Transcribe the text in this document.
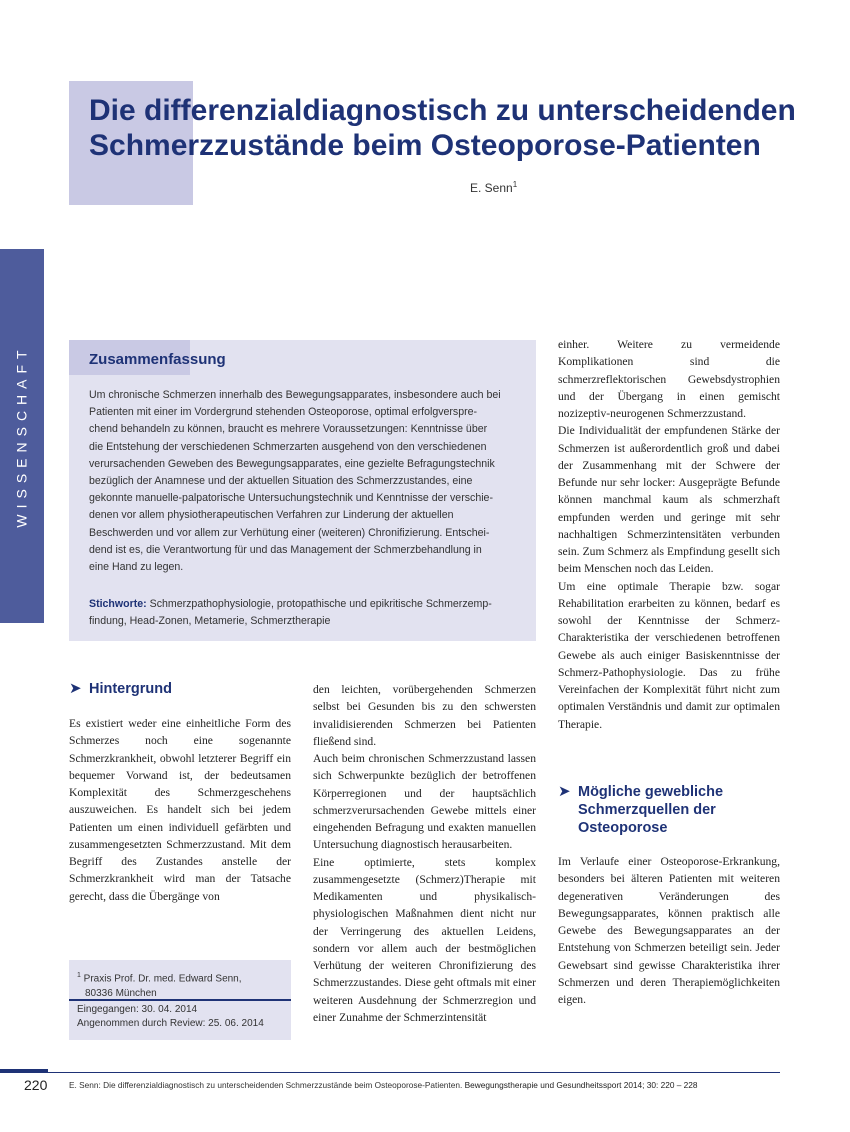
Die differenzialdiagnostisch zu unterscheidenden
Schmerzzustände beim Osteoporose-Patienten
E. Senn$^1$
WISSENSCHAFT	Zusammenfassung
Um chronische Schmerzen innerhalb des Bewegungsapparates, insbesondere auch bei
Patienten mit einer im Vordergrund stehenden Osteoporose, optimal erfolgverspre-
chend behandeln zu können, braucht es mehrere Voraussetzungen: Kenntnisse über
die Entstehung der verschiedenen Schmerzarten ausgehend von den verschiedenen
verursachenden Geweben des Bewegungsapparates, eine gezielte Befragungstechnik
bezüglich der Anamnese und der aktuellen Situation des Schmerzzustandes, eine
gekonnte manuelle-palpatorische Untersuchungstechnik und Kenntnisse der verschie-
denen vor allem physiotherapeutischen Verfahren zur Linderung der aktuellen
Beschwerden und vor allem zur Verhütung einer (weiteren) Chronifizierung. Entschei-
dend ist es, die Verantwortung für und das Management der Schmerzbehandlung in
eine Hand zu legen.
Stichworte: Schmerzpathophysiologie, protopathische und epikritische Schmerzemp-
findung, Head-Zonen, Metamerie, Schmerztherapie
➤ Hintergrund

Es existiert weder eine einheitliche Form des Schmerzes noch eine sogenannte Schmerzkrankheit, obwohl letzterer Begriff ein bequemer Vorwand ist, der bedeutsamen Komplexität des Schmerzgeschehens auszuweichen. Es handelt sich bei jedem Patienten um einen individuell gefärbten und zusammengesetzten Schmerzzustand. Mit dem Begriff des Zustandes anstelle der Schmerzkrankheit wird man der Tatsache gerecht, dass die Übergänge von

den leichten, vorübergehenden Schmerzen selbst bei Gesunden bis zu den schwersten invalidisierenden Schmerzen bei Patienten fließend sind.

Auch beim chronischen Schmerzzustand lassen sich Schwerpunkte bezüglich der betroffenen Körperregionen und der hauptsächlich schmerzverursachenden Gewebe mittels einer eingehenden Befragung und exakten manuellen Untersuchung diagnostisch herausarbeiten.

Eine optimierte, stets komplex zusammengesetzte (Schmerz)Therapie mit Medikamenten und physikalisch-physiologischen Maßnahmen dient nicht nur der Verringerung des aktuellen Leidens, sondern vor allem auch der bestmöglichen Verhütung der weiteren Chronifizierung des Schmerzzustandes. Diese geht oftmals mit einer weiteren Ausdehnung der Schmerzregion und einer Zunahme der Schmerzintensität

einher. Weitere zu vermeidende Komplikationen sind die schmerzreflektorischen Gewebsdystrophien und der Übergang in einen gemischt nozizeptiv-neurogenen Schmerzzustand.

Die Individualität der empfundenen Stärke der Schmerzen ist außerordentlich groß und dabei der Zusammenhang mit der Schwere der Befunde nur sehr locker: Ausgeprägte Befunde können manchmal kaum als schmerzhaft empfunden werden und geringe mit sehr nachhaltigen Schmerzintensitäten verbunden sein. Zum Schmerz als Empfindung gesellt sich beim Menschen noch das Leiden.

Um eine optimale Therapie bzw. sogar Rehabilitation erarbeiten zu können, bedarf es sowohl der Kenntnisse der Schmerz-Charakteristika der verschiedenen betroffenen Gewebe als auch einiger Basiskenntnisse der Schmerz-Pathophysiologie. Das zu frühe Vereinfachen der Komplexität führt nicht zum optimalen Verständnis und damit zur optimalen Therapie.

➤ Mögliche gewebliche
Schmerzquellen der
Osteoporose

Im Verlaufe einer Osteoporose-Erkrankung, besonders bei älteren Patienten mit weiteren degenerativen Veränderungen des Bewegungsapparates, können praktisch alle Gewebe des Bewegungsapparates an der Entstehung von Schmerzen beteiligt sein. Jeder Gewebsart sind gewisse Charakteristika ihrer Schmerzen und deren Therapiemöglichkeiten eigen.

$^1$ Praxis Prof. Dr. med. Edward Senn,
80336 München
Eingegangen: 30. 04. 2014
Angenommen durch Review: 25. 06. 2014
220	E. Senn: Die differenzialdiagnostisch zu unterscheidenden Schmerzzustände beim Osteoporose-Patienten. Bewegungstherapie und Gesundheitssport 2014; 30: 220 – 228
